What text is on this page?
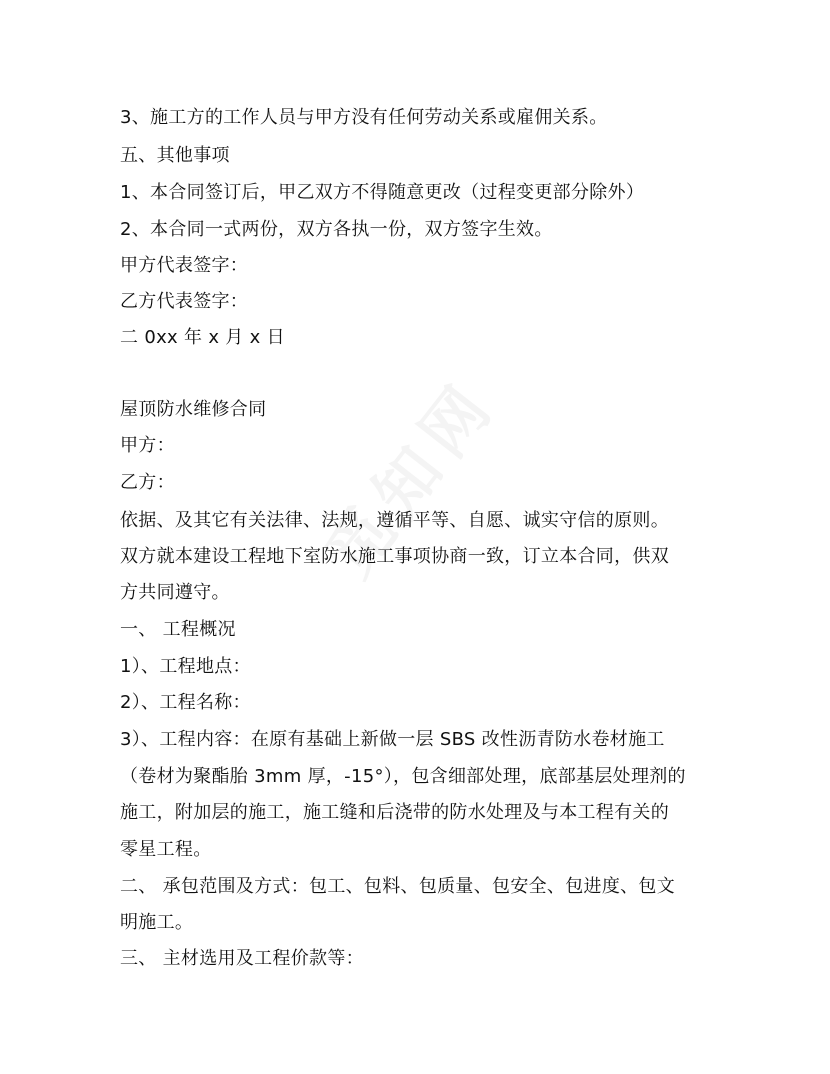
3、施工方的工作人员与甲方没有任何劳动关系或雇佣关系。
五、其他事项
1、本合同签订后，甲乙双方不得随意更改（过程变更部分除外）
2、本合同一式两份，双方各执一份，双方签字生效。
甲方代表签字：
乙方代表签字：
二 0xx 年 x 月 x 日
屋顶防水维修合同
甲方：
乙方：
依据、及其它有关法律、法规，遵循平等、自愿、诚实守信的原则。
双方就本建设工程地下室防水施工事项协商一致，订立本合同，供双
方共同遵守。
一、 工程概况
1）、工程地点：
2）、工程名称：
3）、工程内容：在原有基础上新做一层 SBS 改性沥青防水卷材施工
（卷材为聚酯胎 3mm 厚，-15°），包含细部处理，底部基层处理剂的
施工，附加层的施工，施工缝和后浇带的防水处理及与本工程有关的
零星工程。
二、 承包范围及方式：包工、包料、包质量、包安全、包进度、包文
明施工。
三、 主材选用及工程价款等：
